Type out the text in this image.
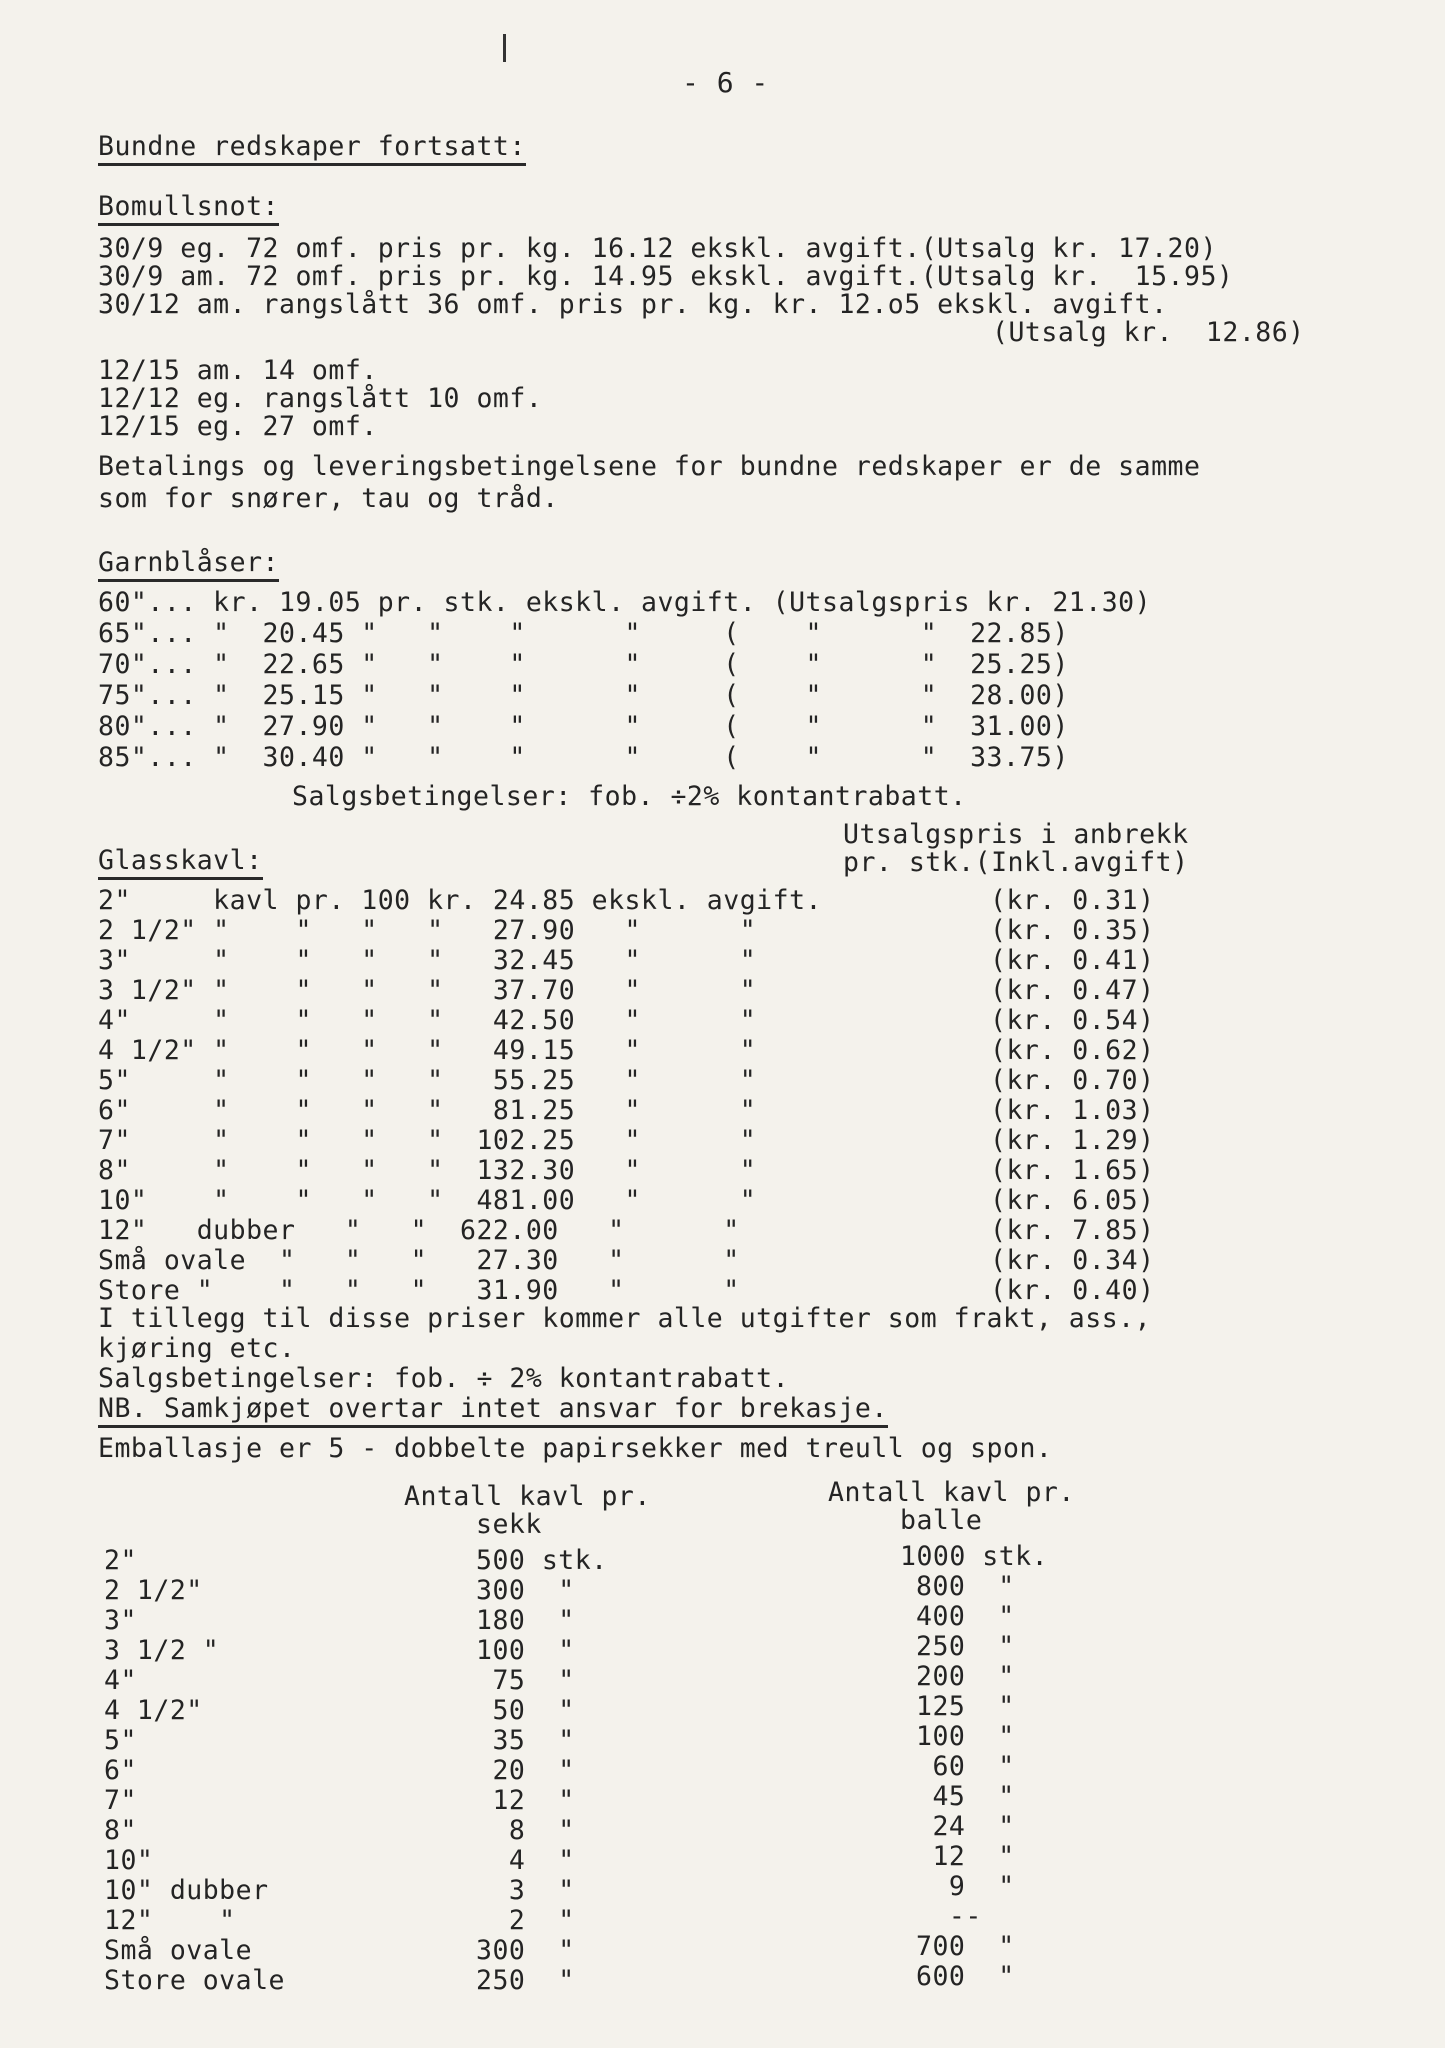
- 6 -
Bundne redskaper fortsatt:
Bomullsnot:
30/9 eg. 72 omf. pris pr. kg. 16.12 ekskl. avgift.(Utsalg kr. 17.20)
30/9 am. 72 omf. pris pr. kg. 14.95 ekskl. avgift.(Utsalg kr.  15.95)
30/12 am. rangslått 36 omf. pris pr. kg. kr. 12.o5 ekskl. avgift.
(Utsalg kr.  12.86)
12/15 am. 14 omf.
12/12 eg. rangslått 10 omf.
12/15 eg. 27 omf.
Betalings og leveringsbetingelsene for bundne redskaper er de samme
som for snører, tau og tråd.
Garnblåser:
60"... kr. 19.05 pr. stk. ekskl. avgift. (Utsalgspris kr. 21.30)
65"... "  20.45 "   "    "      "     (    "      "  22.85)
70"... "  22.65 "   "    "      "     (    "      "  25.25)
75"... "  25.15 "   "    "      "     (    "      "  28.00)
80"... "  27.90 "   "    "      "     (    "      "  31.00)
85"... "  30.40 "   "    "      "     (    "      "  33.75)
Salgsbetingelser: fob. ÷2% kontantrabatt.
Utsalgspris i anbrekk
Glasskavl:	pr. stk.(Inkl.avgift)
2"     kavl pr. 100 kr. 24.85 ekskl. avgift.
2 1/2" "    "   "   "   27.90   "      "
3"     "    "   "   "   32.45   "      "
3 1/2" "    "   "   "   37.70   "      "
4"     "    "   "   "   42.50   "      "
4 1/2" "    "   "   "   49.15   "      "
5"     "    "   "   "   55.25   "      "
6"     "    "   "   "   81.25   "      "
7"     "    "   "   "  102.25   "      "
8"     "    "   "   "  132.30   "      "
10"    "    "   "   "  481.00   "      "
12"   dubber   "   "  622.00   "      "
Små ovale  "   "   "   27.30   "      "
Store "    "   "   "   31.90   "      "
(kr. 0.31)
(kr. 0.35)
(kr. 0.41)
(kr. 0.47)
(kr. 0.54)
(kr. 0.62)
(kr. 0.70)
(kr. 1.03)
(kr. 1.29)
(kr. 1.65)
(kr. 6.05)
(kr. 7.85)
(kr. 0.34)
(kr. 0.40)
I tillegg til disse priser kommer alle utgifter som frakt, ass.,
kjøring etc.
Salgsbetingelser: fob. ÷ 2% kontantrabatt.
NB. Samkjøpet overtar intet ansvar for brekasje.
Emballasje er 5 - dobbelte papirsekker med treull og spon.
Antall kavl pr.
sekk
Antall kavl pr.
balle
2"
2 1/2"
3"
3 1/2 "
4"
4 1/2"
5"
6"
7"
8"
10"
10" dubber
12"    "
Små ovale
Store ovale
500 stk.
300  "
180  "
100  "
75  "
50  "
35  "
20  "
12  "
8  "
4  "
3  "
2  "
300  "
250  "
1000 stk.
800  "
400  "
250  "
200  "
125  "
100  "
60  "
45  "
24  "
12  "
9  "
--
700  "
600  "
